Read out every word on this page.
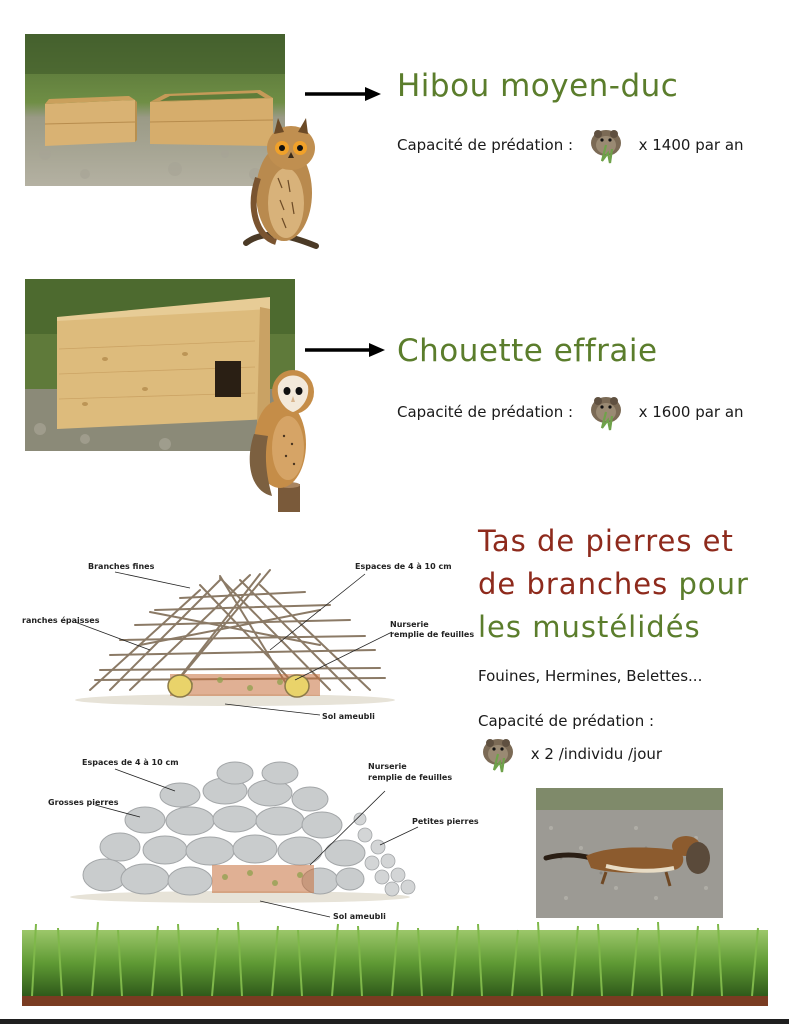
Hibou moyen-duc
Capacité de prédation :	x 1400 par an
Chouette effraie
Capacité de prédation :	x 1600 par an
Tas de pierres et
de branches pour
les mustélidés
Fouines, Hermines, Belettes...
Capacité de prédation :
x 2 /individu /jour
Branches fines	Espaces de 4 à 10 cm
ranches épaisses	Nurserie
remplie de feuilles
Sol ameubli
Espaces de 4 à 10 cm	Nurserie
remplie de feuilles
Grosses pierres
Petites pierres
Sol ameubli
